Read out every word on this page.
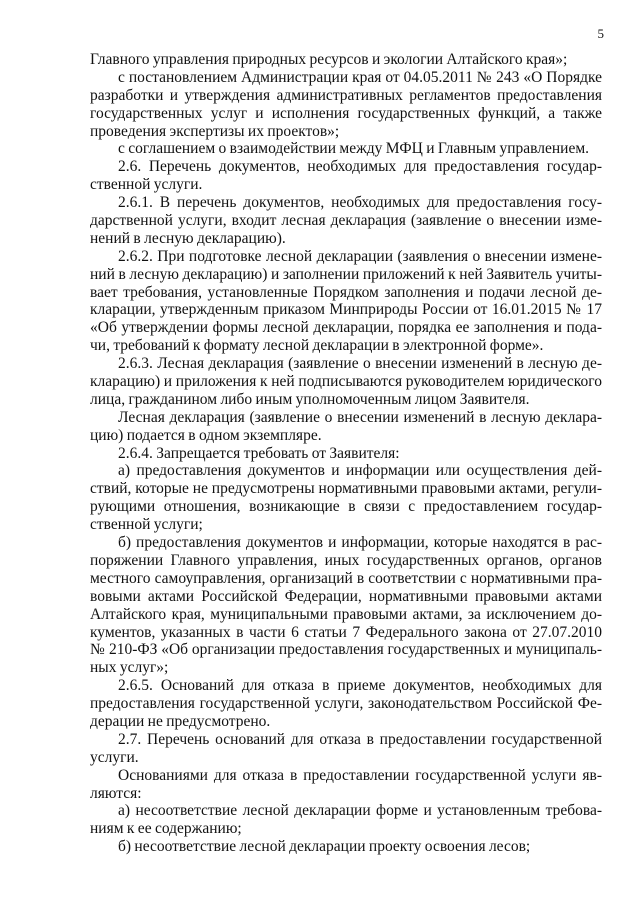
5
Главного управления природных ресурсов и экологии Алтайского края»;
с постановлением Администрации края от 04.05.2011 № 243 «О Порядке
разработки и утверждения административных регламентов предоставления
государственных услуг и исполнения государственных функций, а также
проведения экспертизы их проектов»;
с соглашением о взаимодействии между МФЦ и Главным управлением.
2.6. Перечень документов, необходимых для предоставления государ-
ственной услуги.
2.6.1. В перечень документов, необходимых для предоставления госу-
дарственной услуги, входит лесная декларация (заявление о внесении изме-
нений в лесную декларацию).
2.6.2. При подготовке лесной декларации (заявления о внесении измене-
ний в лесную декларацию) и заполнении приложений к ней Заявитель учиты-
вает требования, установленные Порядком заполнения и подачи лесной де-
кларации, утвержденным приказом Минприроды России от 16.01.2015 № 17
«Об утверждении формы лесной декларации, порядка ее заполнения и пода-
чи, требований к формату лесной декларации в электронной форме».
2.6.3. Лесная декларация (заявление о внесении изменений в лесную де-
кларацию) и приложения к ней подписываются руководителем юридического
лица, гражданином либо иным уполномоченным лицом Заявителя.
Лесная декларация (заявление о внесении изменений в лесную деклара-
цию) подается в одном экземпляре.
2.6.4. Запрещается требовать от Заявителя:
а) предоставления документов и информации или осуществления дей-
ствий, которые не предусмотрены нормативными правовыми актами, регули-
рующими отношения, возникающие в связи с предоставлением государ-
ственной услуги;
б) предоставления документов и информации, которые находятся в рас-
поряжении Главного управления, иных государственных органов, органов
местного самоуправления, организаций в соответствии с нормативными пра-
вовыми актами Российской Федерации, нормативными правовыми актами
Алтайского края, муниципальными правовыми актами, за исключением до-
кументов, указанных в части 6 статьи 7 Федерального закона от 27.07.2010
№ 210-ФЗ «Об организации предоставления государственных и муниципаль-
ных услуг»;
2.6.5. Оснований для отказа в приеме документов, необходимых для
предоставления государственной услуги, законодательством Российской Фе-
дерации не предусмотрено.
2.7. Перечень оснований для отказа в предоставлении государственной
услуги.
Основаниями для отказа в предоставлении государственной услуги яв-
ляются:
а) несоответствие лесной декларации форме и установленным требова-
ниям к ее содержанию;
б) несоответствие лесной декларации проекту освоения лесов;
